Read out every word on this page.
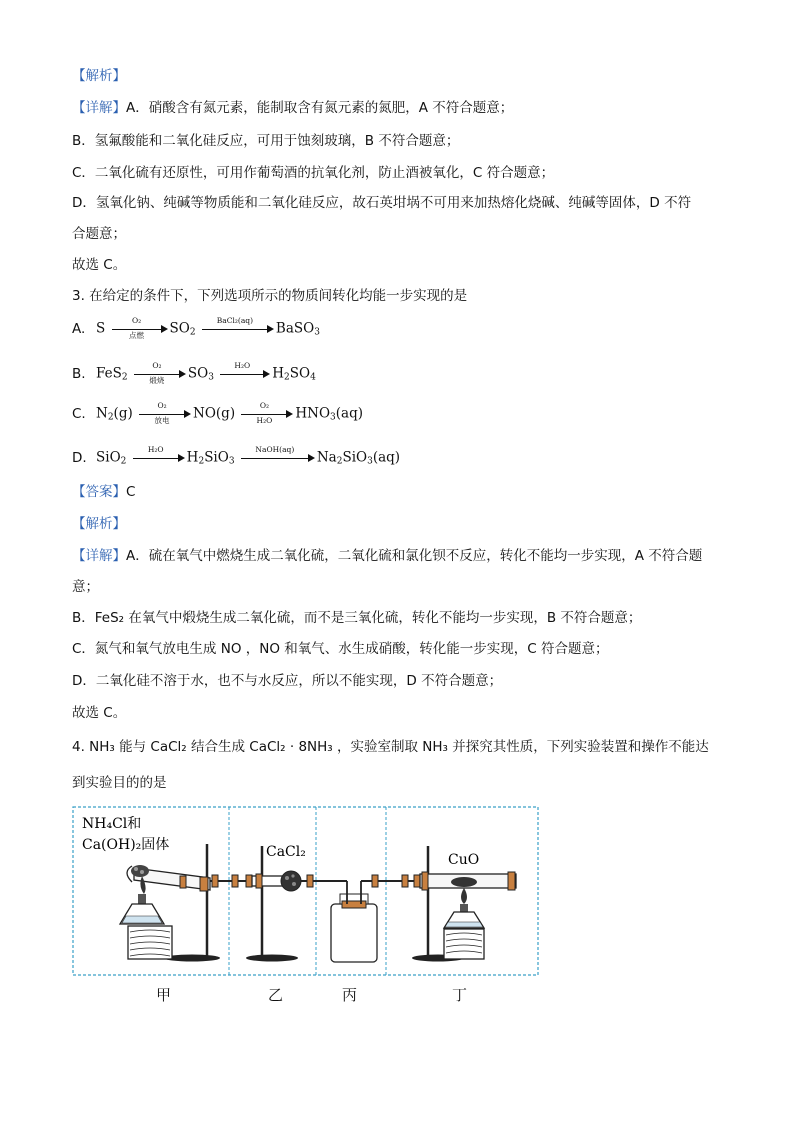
【解析】
【详解】A．硝酸含有氮元素，能制取含有氮元素的氮肥，A 不符合题意；
B．氢氟酸能和二氧化硅反应，可用于蚀刻玻璃，B 不符合题意；
C．二氧化硫有还原性，可用作葡萄酒的抗氧化剂，防止酒被氧化，C 符合题意；
D．氢氧化钠、纯碱等物质能和二氧化硅反应，故石英坩埚不可用来加热熔化烧碱、纯碱等固体，D 不符
合题意；
故选 C。
3. 在给定的条件下，下列选项所示的物质间转化均能一步实现的是
A. S	O₂
点燃	$SO_2$
BaCl₂(aq)	BaSO$_3$
B. FeS$_2$
O₂
煅烧	$SO_3$
H₂O	$H_2SO_4$
C. $N_2(g)$	O₂
放电	$NO(g) \frac{\text{O₂}}{\text{H₂O}} HNO_3(aq)$
D. SiO$_2$
H₂O	$H_2SiO_3$
NaOH(aq)	$Na_2SiO_3(aq)$
【答案】C
【解析】
【详解】A．硫在氧气中燃烧生成二氧化硫，二氧化硫和氯化钡不反应，转化不能均一步实现，A 不符合题
意；
B．FeS₂ 在氧气中煅烧生成二氧化硫，而不是三氧化硫，转化不能均一步实现，B 不符合题意；
C．氮气和氧气放电生成 NO ，NO 和氧气、水生成硝酸，转化能一步实现，C 符合题意；
D．二氧化硅不溶于水，也不与水反应，所以不能实现，D 不符合题意；
故选 C。
4. NH₃ 能与 CaCl₂ 结合生成 CaCl₂ · 8NH₃ ，实验室制取 NH₃ 并探究其性质，下列实验装置和操作不能达
到实验目的的是
NH₄Cl和
Ca(OH)₂固体	CaCl₂	CuO
甲	乙	丙	丁
